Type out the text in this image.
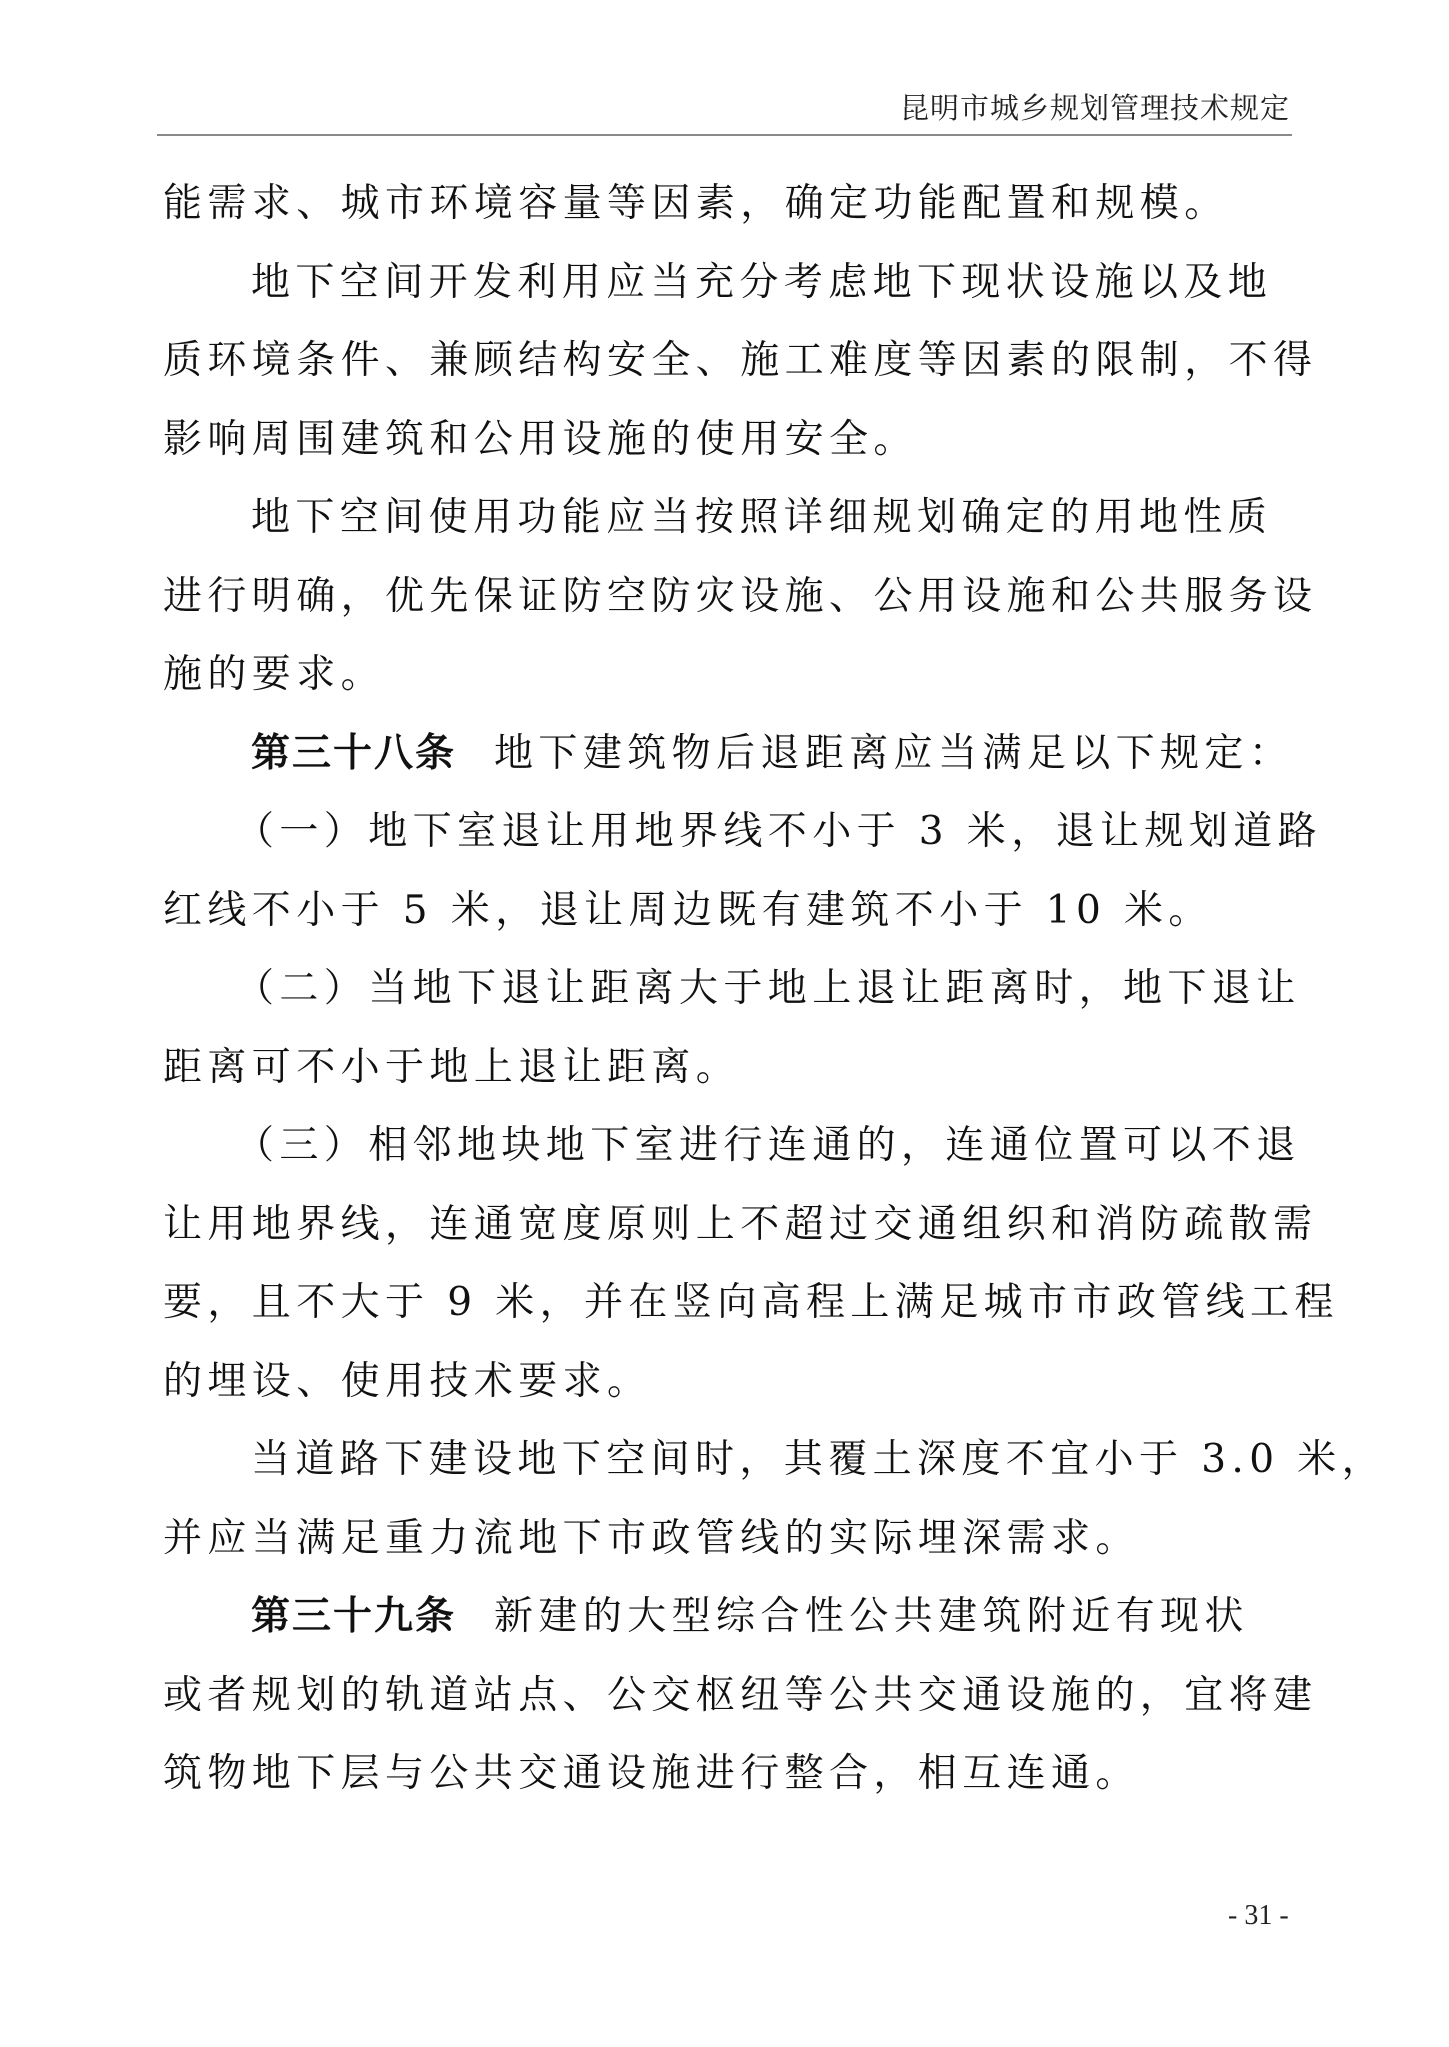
昆明市城乡规划管理技术规定
能需求、城市环境容量等因素，确定功能配置和规模。
地下空间开发利用应当充分考虑地下现状设施以及地
质环境条件、兼顾结构安全、施工难度等因素的限制，不得
影响周围建筑和公用设施的使用安全。
地下空间使用功能应当按照详细规划确定的用地性质
进行明确，优先保证防空防灾设施、公用设施和公共服务设
施的要求。
第三十八条 地下建筑物后退距离应当满足以下规定：
（一）地下室退让用地界线不小于 3 米，退让规划道路
红线不小于 5 米，退让周边既有建筑不小于 10 米。
（二）当地下退让距离大于地上退让距离时，地下退让
距离可不小于地上退让距离。
（三）相邻地块地下室进行连通的，连通位置可以不退
让用地界线，连通宽度原则上不超过交通组织和消防疏散需
要，且不大于 9 米，并在竖向高程上满足城市市政管线工程
的埋设、使用技术要求。
当道路下建设地下空间时，其覆土深度不宜小于 3.0 米，
并应当满足重力流地下市政管线的实际埋深需求。
第三十九条 新建的大型综合性公共建筑附近有现状
或者规划的轨道站点、公交枢纽等公共交通设施的，宜将建
筑物地下层与公共交通设施进行整合，相互连通。
- 31 -
